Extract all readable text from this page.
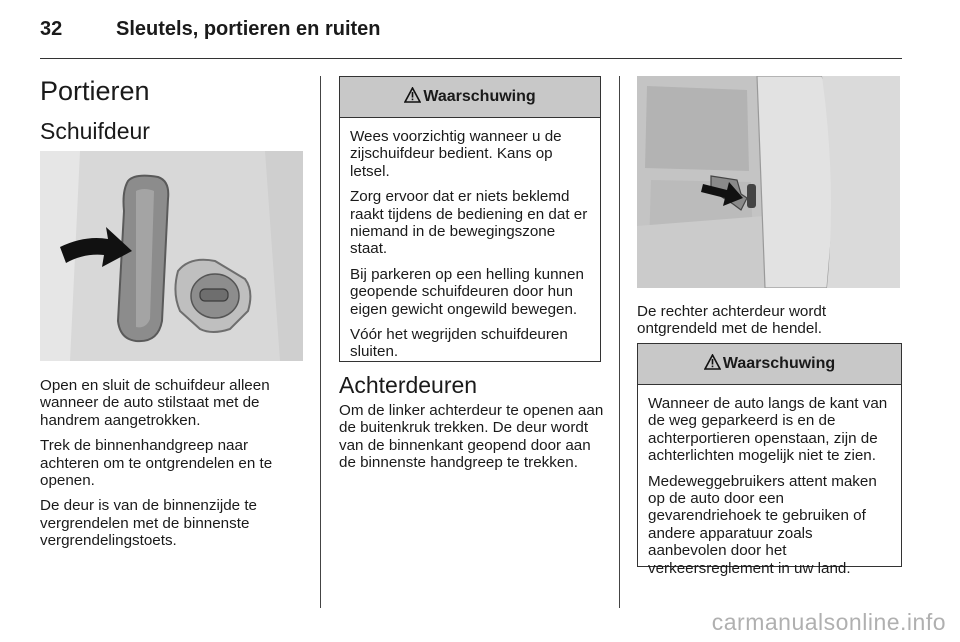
32	Sleutels, portieren en ruiten
Portieren
Schuifdeur

Open en sluit de schuifdeur alleen wanneer de auto stilstaat met de handrem aangetrokken.

Trek de binnenhandgreep naar achteren om te ontgrendelen en te openen.

De deur is van de binnenzijde te vergrendelen met de binnenste vergrendelingstoets.

Waarschuwing

Wees voorzichtig wanneer u de zijschuifdeur bedient. Kans op letsel.

Zorg ervoor dat er niets beklemd raakt tijdens de bediening en dat er niemand in de bewegingszone staat.

Bij parkeren op een helling kunnen geopende schuifdeuren door hun eigen gewicht ongewild bewegen.

Vóór het wegrijden schuifdeuren sluiten.

Achterdeuren

Om de linker achterdeur te openen aan de buitenkruk trekken. De deur wordt van de binnenkant geopend door aan de binnenste handgreep te trekken.

De rechter achterdeur wordt ontgrendeld met de hendel.

Waarschuwing

Wanneer de auto langs de kant van de weg geparkeerd is en de achterportieren openstaan, zijn de achterlichten mogelijk niet te zien.

Medeweggebruikers attent maken op de auto door een gevarendriehoek te gebruiken of andere apparatuur zoals aanbevolen door het verkeersreglement in uw land.

carmanualsonline.info
